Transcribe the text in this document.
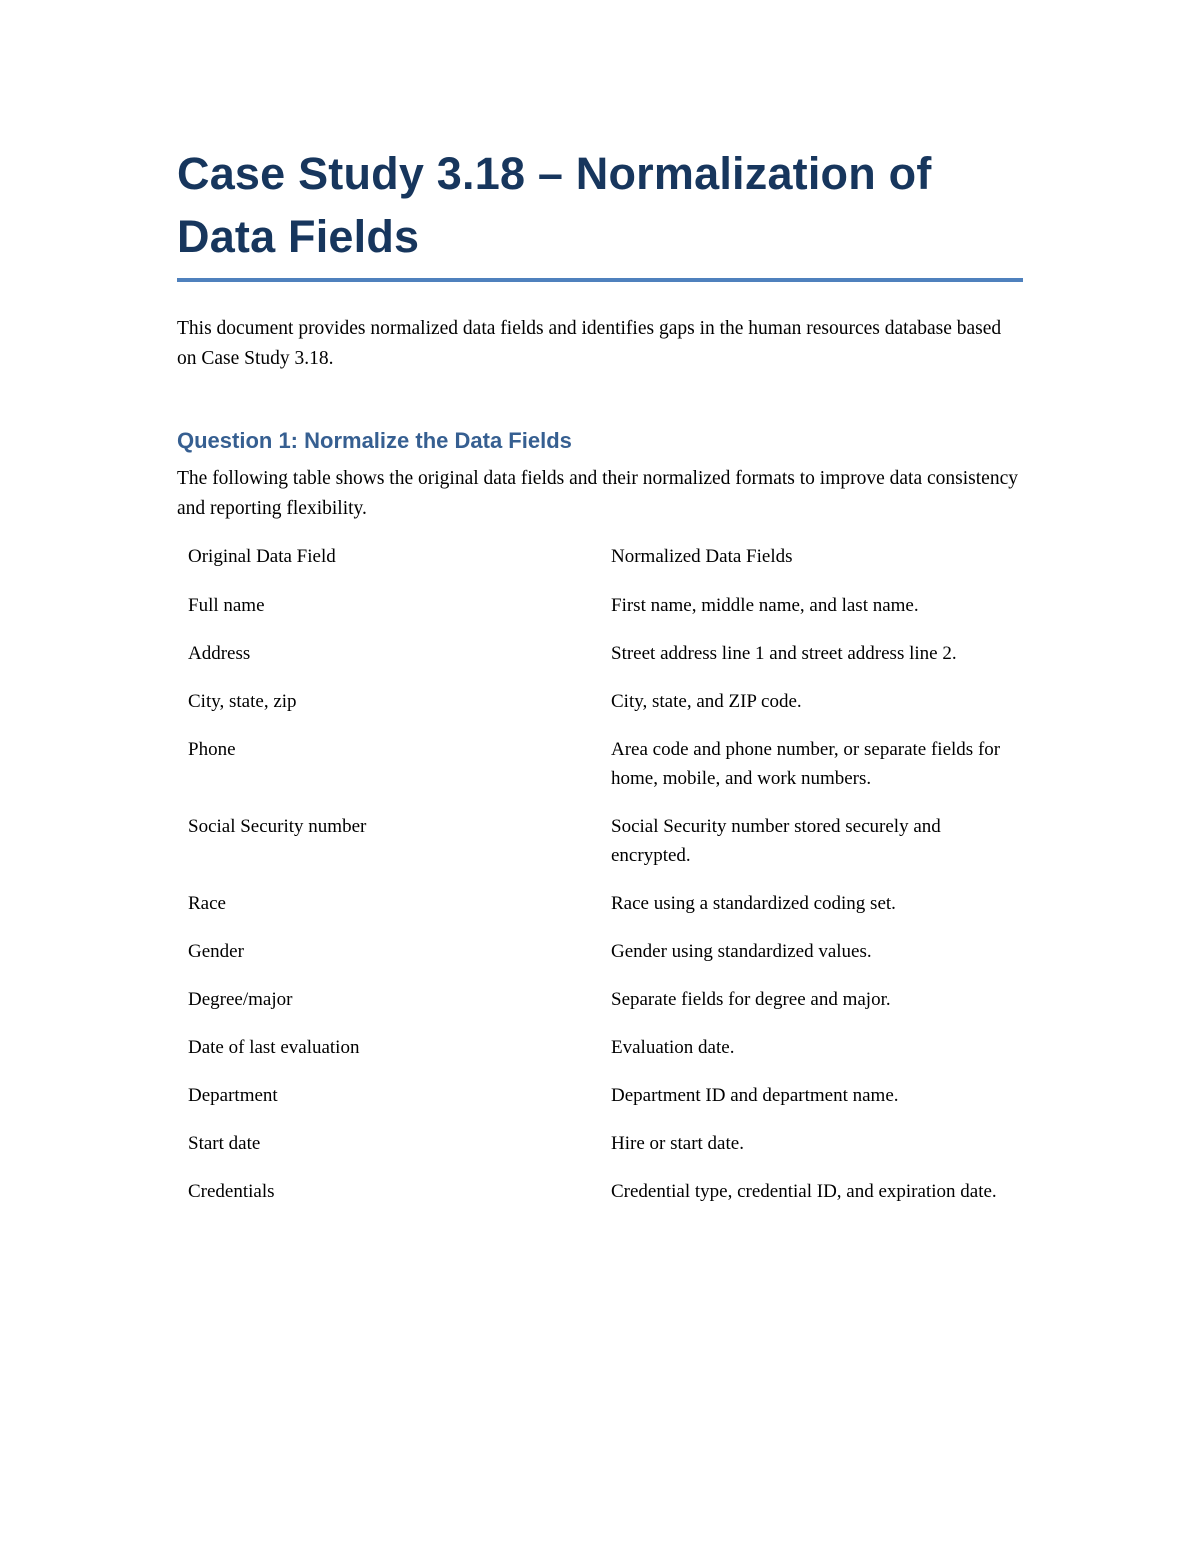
Case Study 3.18 – Normalization of
Data Fields

This document provides normalized data fields and identifies gaps in the human resources database based on Case Study 3.18.

Question 1: Normalize the Data Fields

The following table shows the original data fields and their normalized formats to improve data consistency and reporting flexibility.

Original Data Field	Normalized Data Fields
Full name	First name, middle name, and last name.
Address	Street address line 1 and street address line 2.
City, state, zip	City, state, and ZIP code.
Phone	Area code and phone number, or separate fields for home, mobile, and work numbers.
Social Security number	Social Security number stored securely and encrypted.
Race	Race using a standardized coding set.
Gender	Gender using standardized values.
Degree/major	Separate fields for degree and major.
Date of last evaluation	Evaluation date.
Department	Department ID and department name.
Start date	Hire or start date.
Credentials	Credential type, credential ID, and expiration date.
